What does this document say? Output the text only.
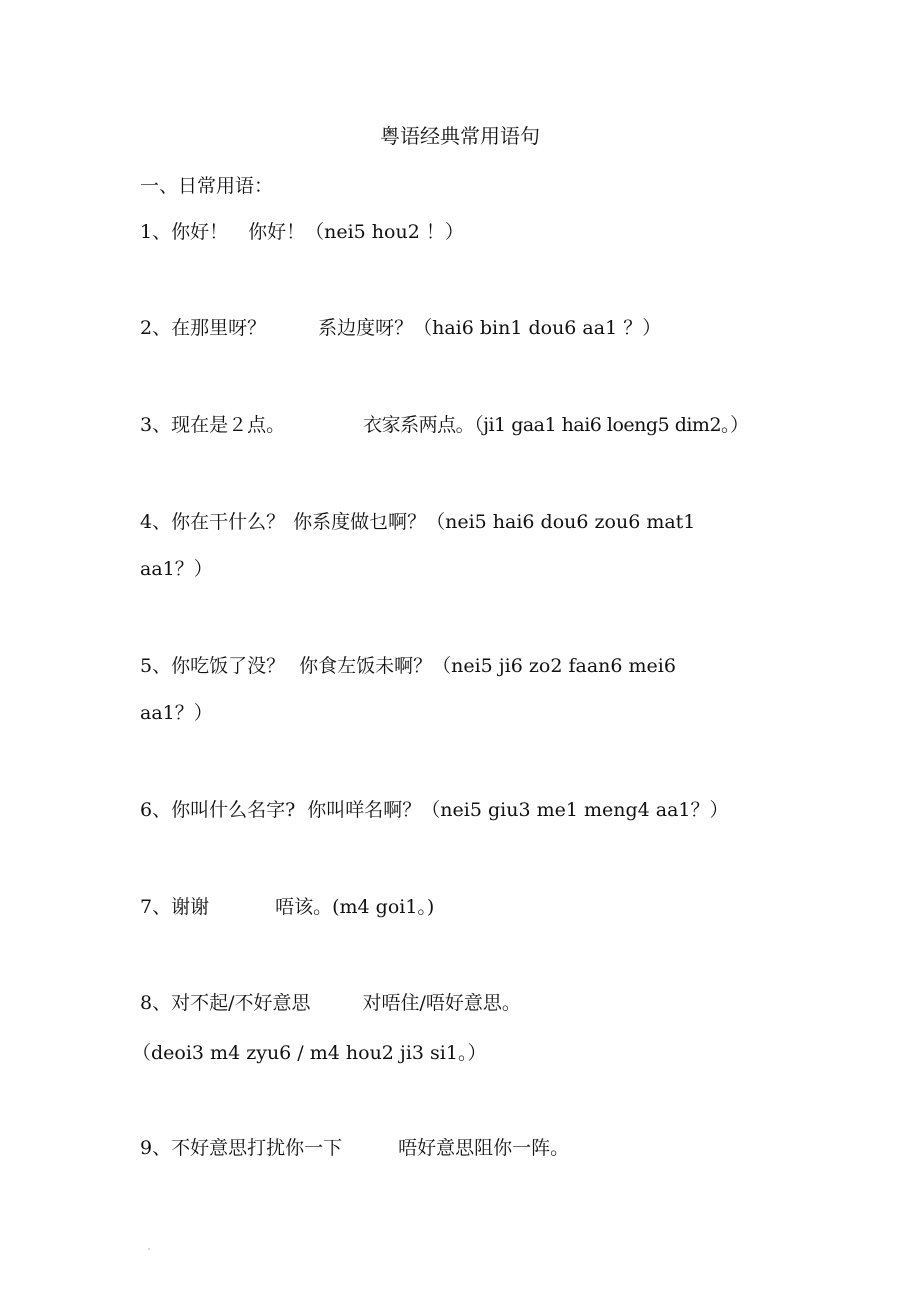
粤语经典常用语句
一、日常用语：
1、你好！ 你好！（nei5 hou2 ！）
2、在那里呀？	系边度呀？（hai6 bin1 dou6 aa1 ？）
3、现在是２点。	衣家系两点。（ji1 gaa1 hai6 loeng5 dim2。）
4、你在干什么？ 你系度做乜啊？（nei5 hai6 dou6 zou6 mat1
aa1？）
5、你吃饭了没？ 你食左饭未啊？（nei5 ji6 zo2 faan6 mei6
aa1？）
6、你叫什么名字? 你叫咩名啊？（nei5 giu3 me1 meng4 aa1？）
7、谢谢	唔该。(m4 goi1。)
8、对不起/不好意思	对唔住/唔好意思。
（deoi3 m4 zyu6 / m4 hou2 ji3 si1。）
9、不好意思打扰你一下	唔好意思阻你一阵。
